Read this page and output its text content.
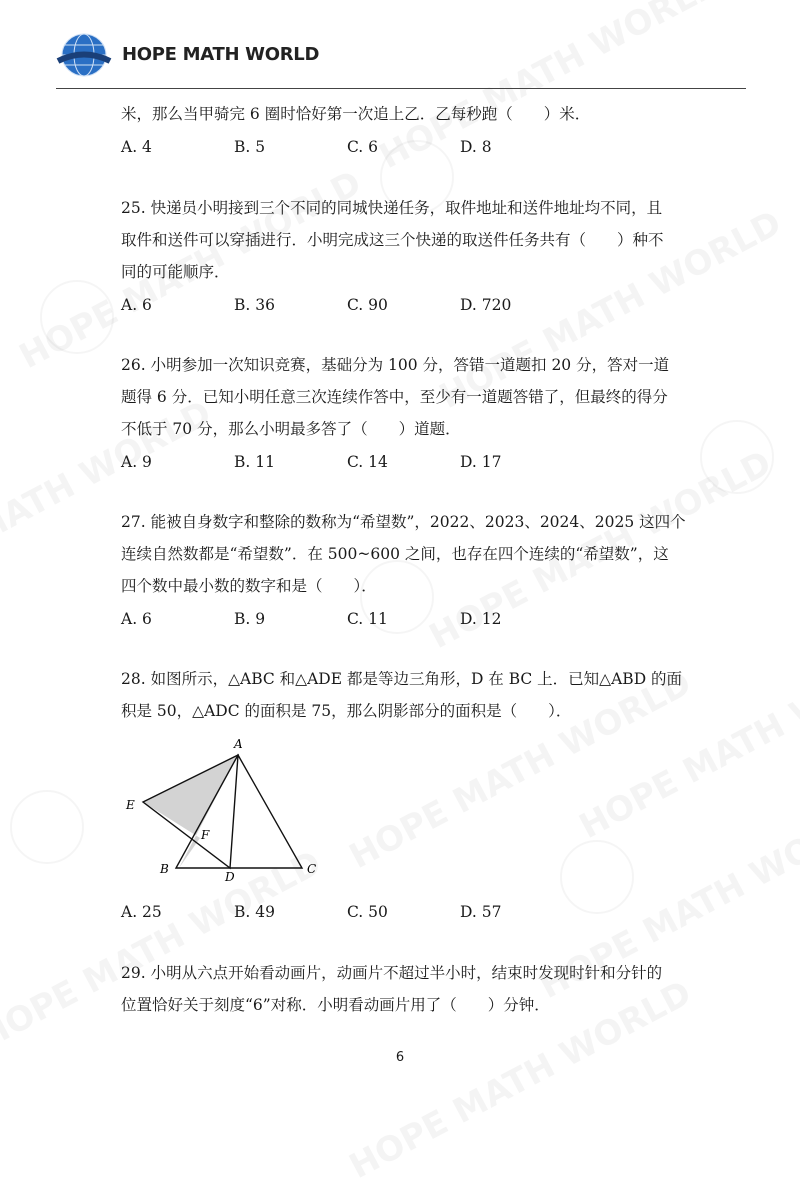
HOPE MATH WORLD
米，那么当甲骑完 6 圈时恰好第一次追上乙．乙每秒跑（　　）米．
A. 4	B. 5	C. 6	D. 8
25. 快递员小明接到三个不同的同城快递任务，取件地址和送件地址均不同，且
取件和送件可以穿插进行．小明完成这三个快递的取送件任务共有（　　）种不
同的可能顺序．
A. 6	B. 36	C. 90	D. 720
26. 小明参加一次知识竞赛，基础分为 100 分，答错一道题扣 20 分，答对一道
题得 6 分．已知小明任意三次连续作答中，至少有一道题答错了，但最终的得分
不低于 70 分，那么小明最多答了（　　）道题．
A. 9	B. 11	C. 14	D. 17
27. 能被自身数字和整除的数称为“希望数”，2022、2023、2024、2025 这四个
连续自然数都是“希望数”．在 500~600 之间，也存在四个连续的“希望数”，这
四个数中最小数的数字和是（　　）．
A. 6	B. 9	C. 11	D. 12
28. 如图所示，△ABC 和△ADE 都是等边三角形，D 在 BC 上．已知△ABD 的面
积是 50，△ADC 的面积是 75，那么阴影部分的面积是（　　）．
A
B	C
D
E
F
A. 25	B. 49	C. 50	D. 57
29. 小明从六点开始看动画片，动画片不超过半小时，结束时发现时针和分针的
位置恰好关于刻度“6”对称．小明看动画片用了（　　）分钟．
6
